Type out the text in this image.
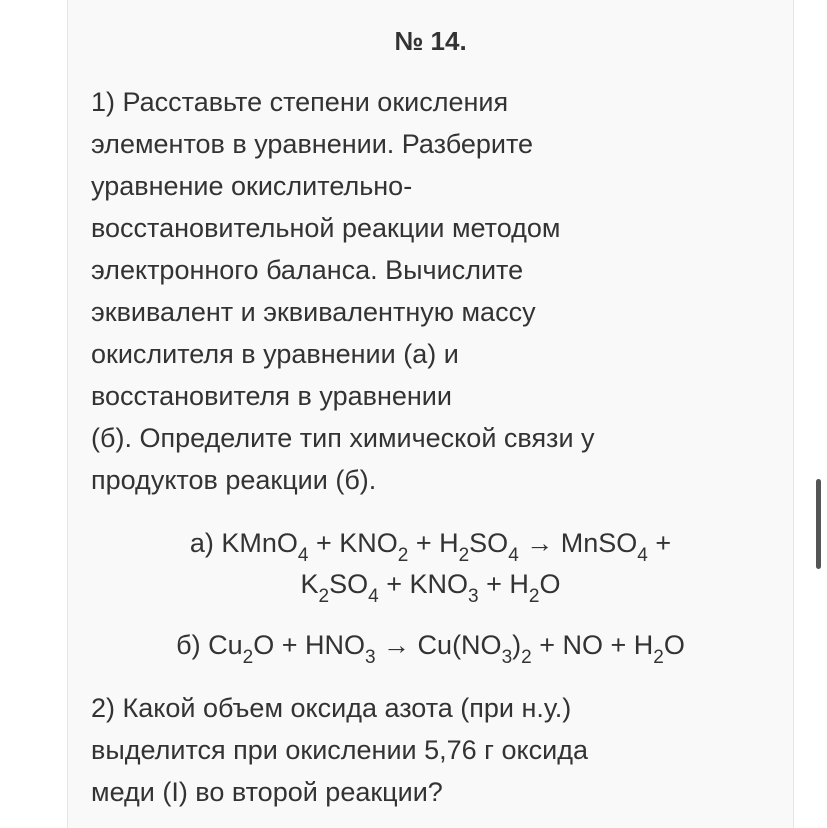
№ 14.
1) Расставьте степени окисления
элементов в уравнении. Разберите
уравнение окислительно-
восстановительной реакции методом
электронного баланса. Вычислите
эквивалент и эквивалентную массу
окислителя в уравнении (а) и
восстановителя в уравнении
(б). Определите тип химической связи у
продуктов реакции (б).
а) KMnO$_4$ + $KNO_2 + H_2SO_4$ → MnSO$_4$ +
$K_2SO_4 + KNO_3 + H_2O$
б) $Cu_2O + HNO_3 \to Cu(NO_3)_2$ + NO + $H_2O$
2) Какой объем оксида азота (при н.у.)
выделится при окислении 5,76 г оксида
меди (I) во второй реакции?
